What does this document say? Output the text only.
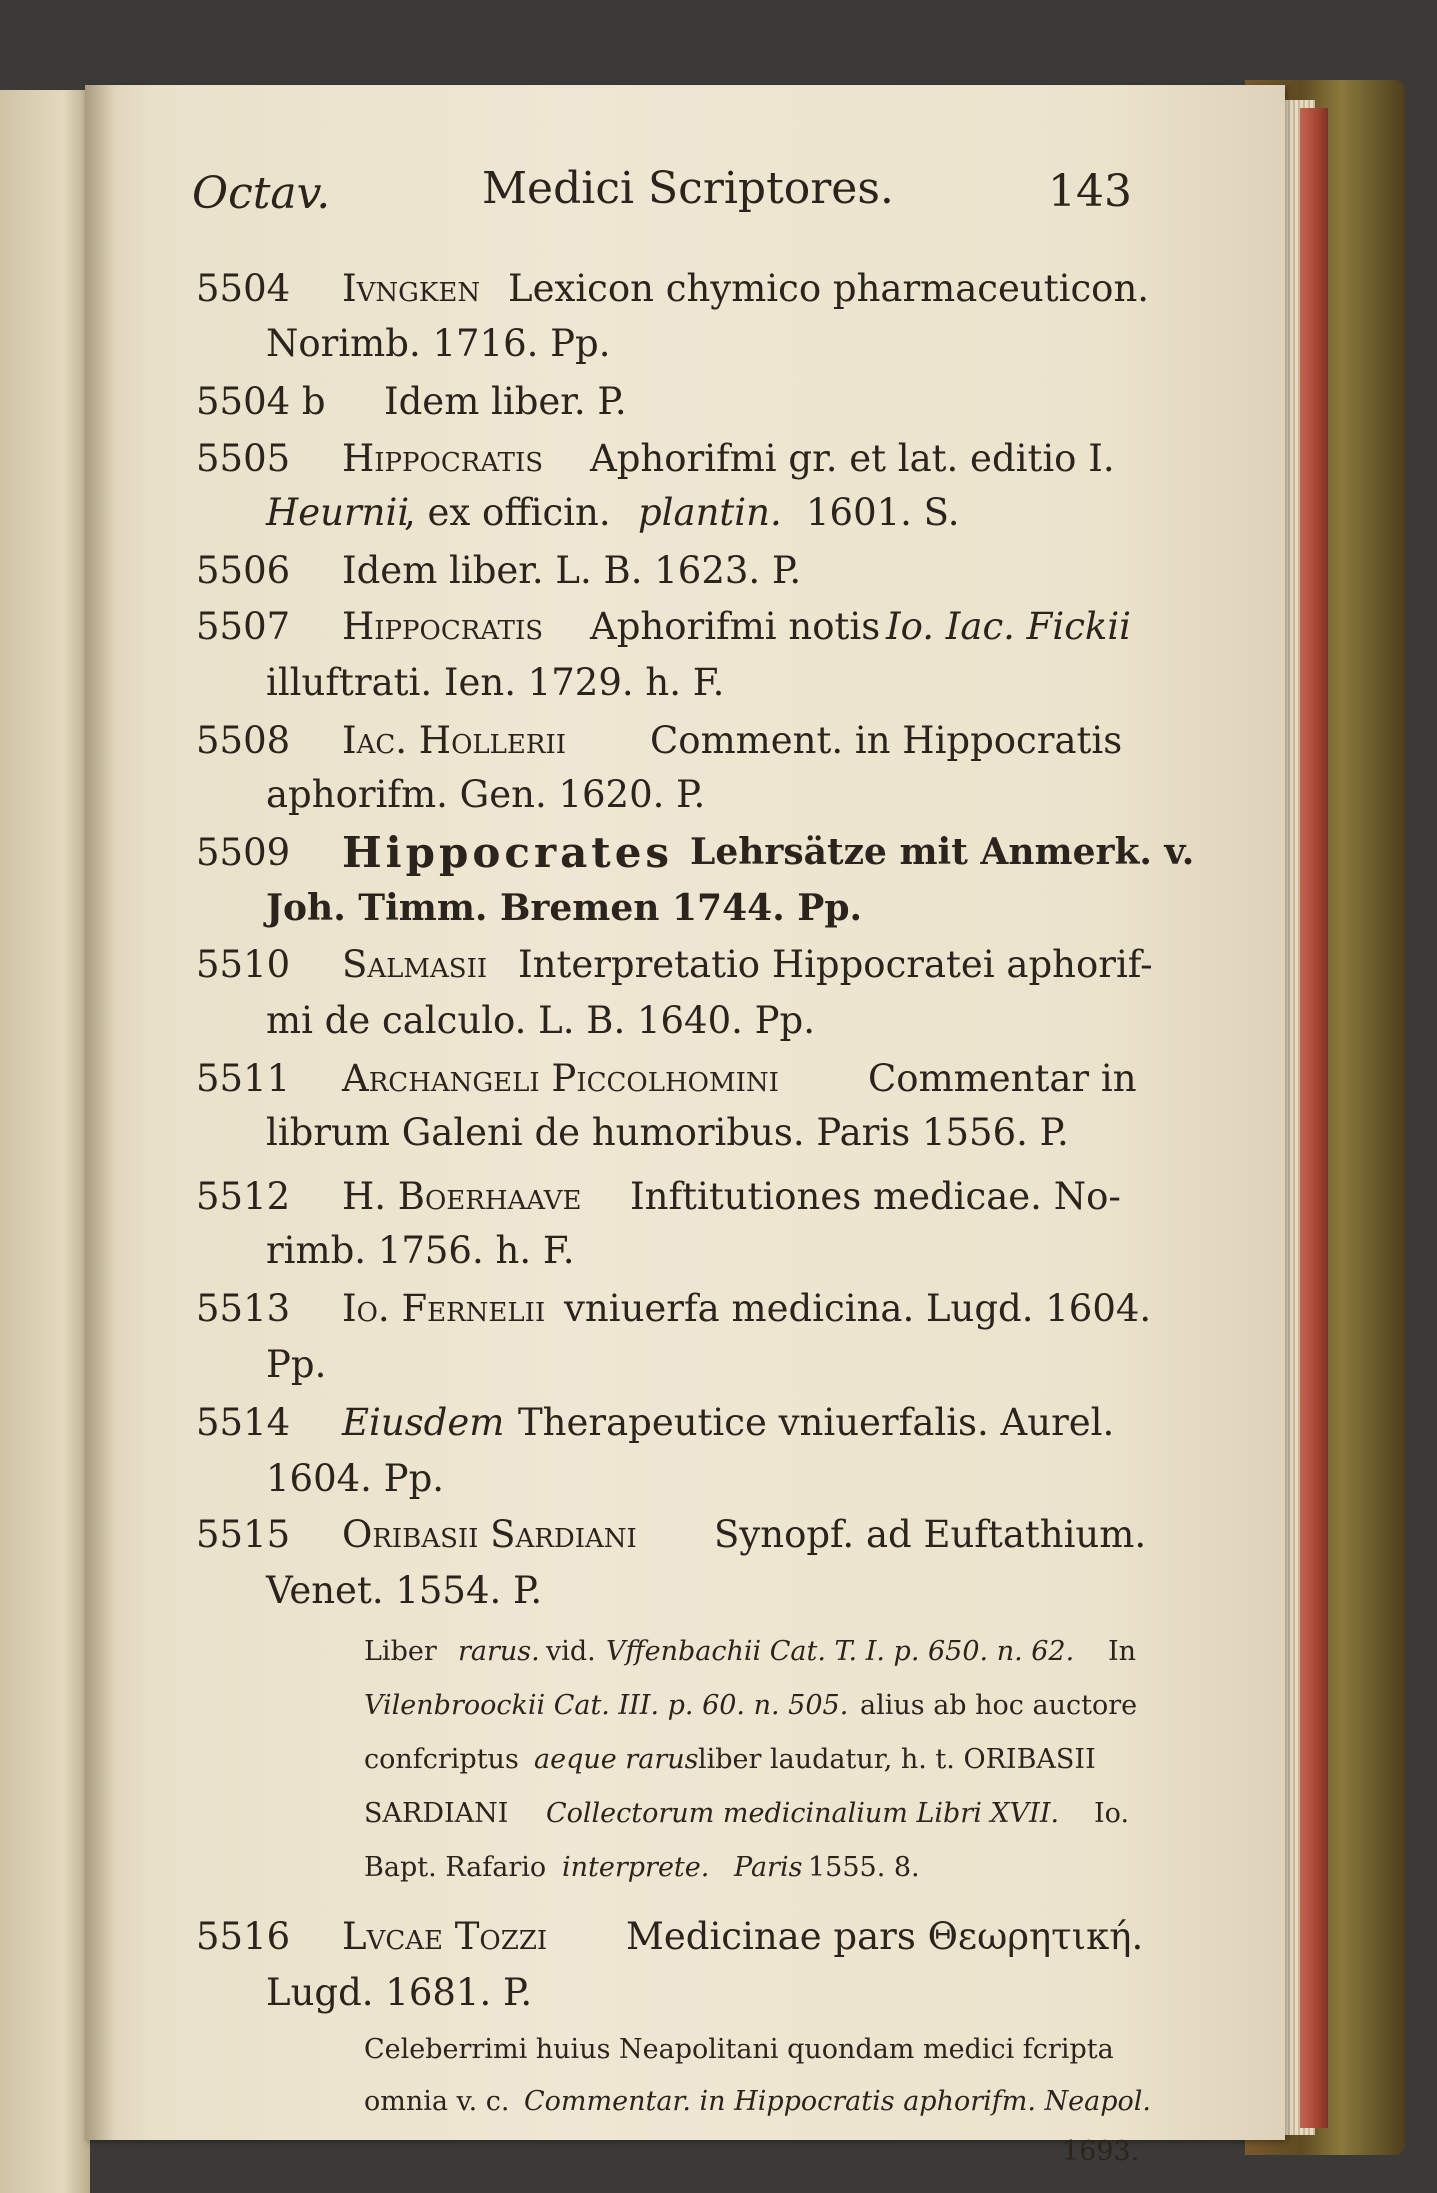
Octav.	Medici Scriptores.	143
5504 Ivngken Lexicon chymico pharmaceuticon.
Norimb. 1716. Pp.
5504 b Idem liber. P.
5505 Hippocratis Aphorifmi gr. et lat. editio I.
Heurnii
, ex officin. plantin. 1601. S.
5506 Idem liber. L. B. 1623. P.
5507 Hippocratis Aphorifmi notis Io. Iac. Fickii
illuftrati. Ien. 1729. h. F.
5508 Iac. Hollerii Comment. in Hippocratis
aphorifm. Gen. 1620. P.
5509 Hippocrates Lehrsätze mit Anmerk. v.
Joh. Timm. Bremen 1744. Pp.
5510 Salmasii Interpretatio Hippocratei aphorif-
mi de calculo. L. B. 1640. Pp.
5511 Archangeli Piccolhomini Commentar in
librum Galeni de humoribus. Paris 1556. P.
5512 H. Boerhaave Inftitutiones medicae. No-
rimb. 1756. h. F.
5513 Io. Fernelii vniuerfa medicina. Lugd. 1604.
Pp.
5514 Eiusdem Therapeutice vniuerfalis. Aurel.
1604. Pp.
5515 Oribasii Sardiani Synopf. ad Euftathium.
Venet. 1554. P.
Liber rarus. vid. Vffenbachii Cat. T. I. p. 650. n. 62. In
Vilenbroockii Cat. III. p. 60. n. 505. alius ab hoc auctore
confcriptus aeque rarus liber laudatur, h. t. ORIBASII
SARDIANI Collectorum medicinalium Libri XVII. Io.
Bapt. Rafario interprete. Paris 1555. 8.
5516 Lvcae Tozzi Medicinae pars Θεωρητική.
Lugd. 1681. P.
Celeberrimi huius Neapolitani quondam medici fcripta
omnia v. c. Commentar. in Hippocratis aphorifm. Neapol.
1693.
